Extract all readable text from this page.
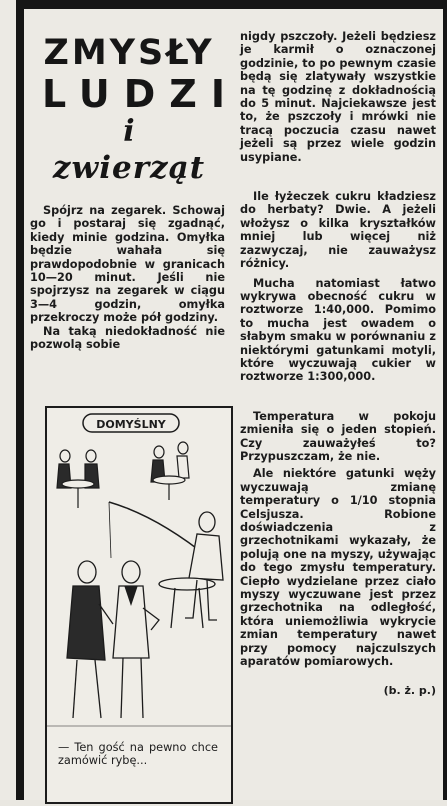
ZMYSŁY
LUDZI
i
zwierząt

Spójrz na zegarek. Schowaj go i postaraj się zgadnąć, kiedy minie godzina. Omyłka będzie wahała się prawdopodobnie w granicach 10—20 minut. Jeśli nie spojrzysz na zegarek w ciągu 3—4 godzin, omyłka przekroczy może pół godziny.

Na taką niedokładność nie pozwolą sobie

DOMYŚLNY
— Ten gość na pewno chce zamówić rybę...

nigdy pszczoły. Jeżeli będziesz je karmił o oznaczonej godzinie, to po pewnym czasie będą się zlatywały wszystkie na tę godzinę z dokładnością do 5 minut. Najciekawsze jest to, że pszczoły i mrówki nie tracą poczucia czasu nawet jeżeli są przez wiele godzin usypiane.

Ile łyżeczek cukru kładziesz do herbaty? Dwie. A jeżeli włożysz o kilka kryształków mniej lub więcej niż zazwyczaj, nie zauważysz różnicy.

Mucha natomiast łatwo wykrywa obecność cukru w roztworze 1:40,000. Pomimo to mucha jest owadem o słabym smaku w porównaniu z niektórymi gatunkami motyli, które wyczuwają cukier w roztworze 1:300,000.

Temperatura w pokoju zmieniła się o jeden stopień. Czy zauważyłeś to? Przypuszczam, że nie.

Ale niektóre gatunki węży wyczuwają zmianę temperatury o 1/10 stopnia Celsjusza. Robione doświadczenia z grzechotnikami wykazały, że polują one na myszy, używając do tego zmysłu temperatury. Ciepło wydzielane przez ciało myszy wyczuwane jest przez grzechotnika na odległość, która uniemożliwia wykrycie zmian temperatury nawet przy pomocy najczulszych aparatów pomiarowych.

(b. ż. p.)
